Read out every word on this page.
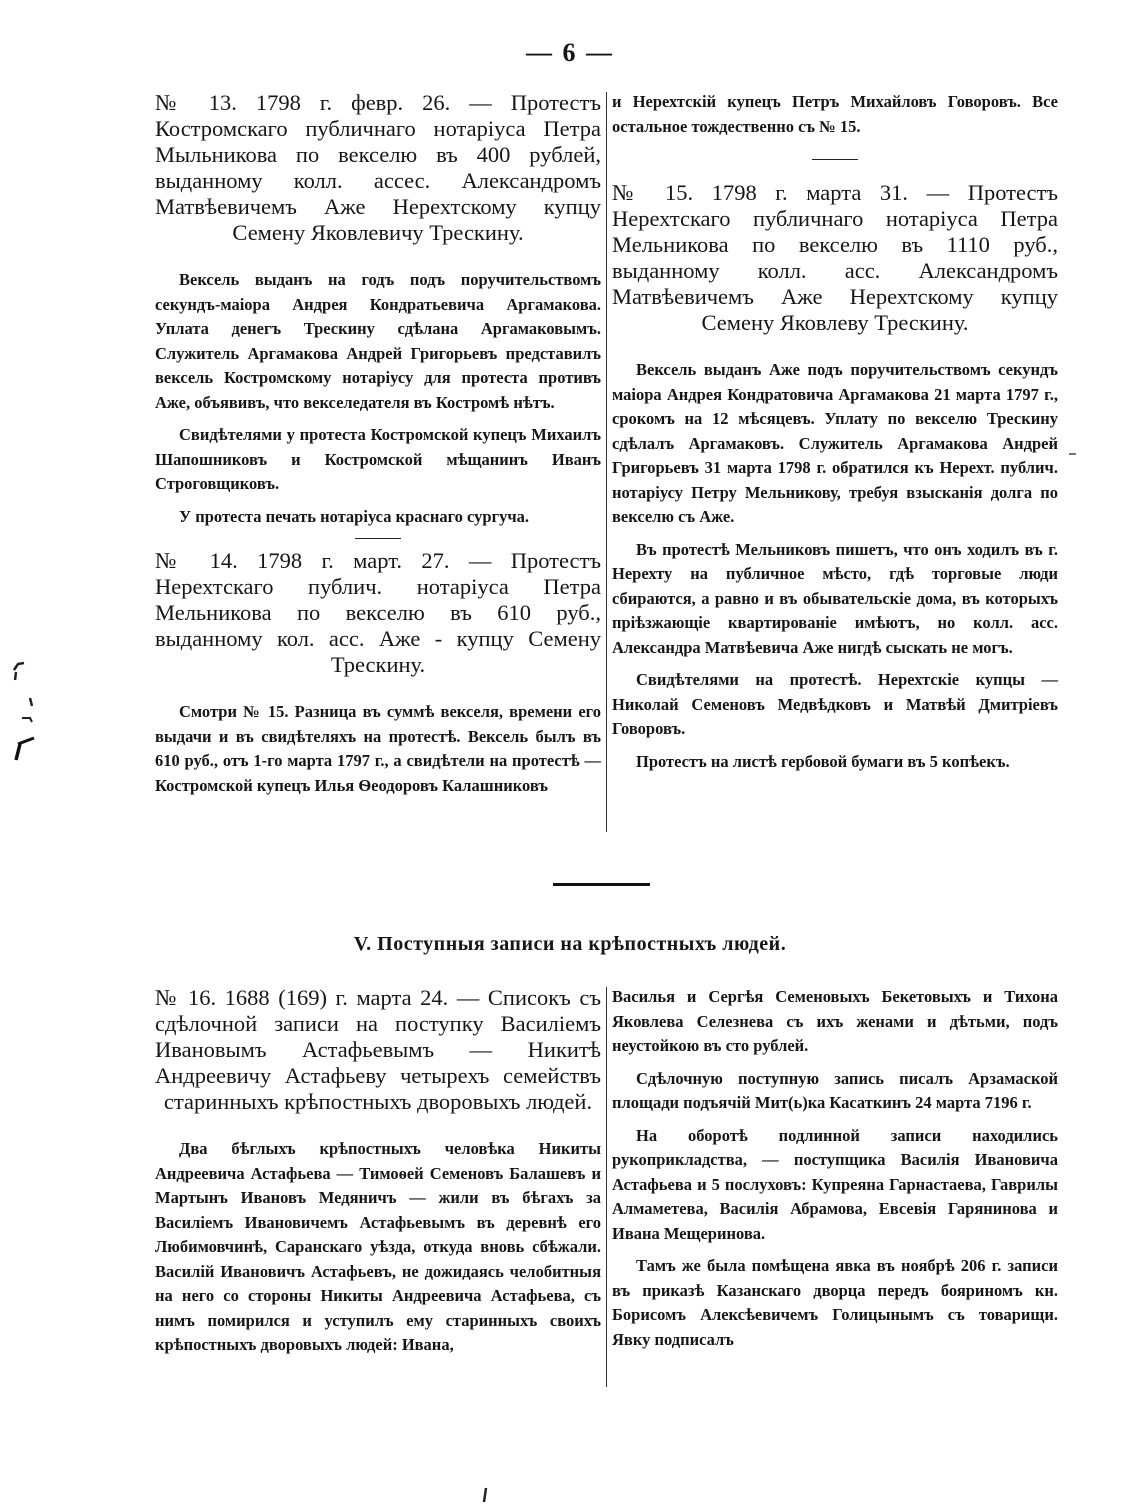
— 6 —

№ 13. 1798 г. февр. 26. — Протестъ Костромскаго публичнаго нотаріуса Петра Мыльникова по векселю въ 400 рублей, выданному колл. ассес. Александромъ Матвѣевичемъ Аже Нерехтскому купцу Семену Яковлевичу Трескину.

Вексель выданъ на годъ подъ поручительствомъ секундъ-маіора Андрея Кондратьевича Аргамакова. Уплата денегъ Трескину сдѣлана Аргамаковымъ. Служитель Аргамакова Андрей Григорьевъ представилъ вексель Костромскому нотаріусу для протеста противъ Аже, объявивъ, что векселедателя въ Костромѣ нѣтъ.

Свидѣтелями у протеста Костромской купецъ Михаилъ Шапошниковъ и Костромской мѣщанинъ Иванъ Строговщиковъ.

У протеста печать нотаріуса краснаго сургуча.

№ 14. 1798 г. март. 27. — Протестъ Нерехтскаго публич. нотаріуса Петра Мельникова по векселю въ 610 руб., выданному кол. асс. Аже - купцу Семену Трескину.

Смотри № 15. Разница въ суммѣ векселя, времени его выдачи и въ свидѣтеляхъ на протестѣ. Вексель былъ въ 610 руб., отъ 1-го марта 1797 г., а свидѣтели на протестѣ — Костромской купецъ Илья Ѳеодоровъ Калашниковъ

и Нерехтскій купецъ Петръ Михайловъ Говоровъ. Все остальное тождественно съ № 15.

№ 15. 1798 г. марта 31. — Протестъ Нерехтскаго публичнаго нотаріуса Петра Мельникова по векселю въ 1110 руб., выданному колл. асс. Александромъ Матвѣевичемъ Аже Нерехтскому купцу Семену Яковлеву Трескину.

Вексель выданъ Аже подъ поручительствомъ секундъ маіора Андрея Кондратовича Аргамакова 21 марта 1797 г., срокомъ на 12 мѣсяцевъ. Уплату по векселю Трескину сдѣлалъ Аргамаковъ. Служитель Аргамакова Андрей Григорьевъ 31 марта 1798 г. обратился къ Нерехт. публич. нотаріусу Петру Мельникову, требуя взысканія долга по векселю съ Аже.

Въ протестѣ Мельниковъ пишетъ, что онъ ходилъ въ г. Нерехту на публичное мѣсто, гдѣ торговые люди сбираются, а равно и въ обывательскіе дома, въ которыхъ пріѣзжающіе квартированіе имѣютъ, но колл. асс. Александра Матвѣевича Аже нигдѣ сыскать не могъ.

Свидѣтелями на протестѣ. Нерехтскіе купцы — Николай Семеновъ Медвѣдковъ и Матвѣй Дмитріевъ Говоровъ.

Протестъ на листѣ гербовой бумаги въ 5 копѣекъ.

V. Поступныя записи на крѣпостныхъ людей.

№ 16. 1688 (169) г. марта 24. — Списокъ съ сдѣлочной записи на поступку Василіемъ Ивановымъ Астафьевымъ — Никитѣ Андреевичу Астафьеву четырехъ семействъ старинныхъ крѣпостныхъ дворовыхъ людей.

Два бѣглыхъ крѣпостныхъ человѣка Никиты Андреевича Астафьева — Тимоѳей Семеновъ Балашевъ и Мартынъ Ивановъ Медяничъ — жили въ бѣгахъ за Василіемъ Ивановичемъ Астафьевымъ въ деревнѣ его Любимовчинѣ, Саранскаго уѣзда, откуда вновь сбѣжали. Василій Ивановичъ Астафьевъ, не дожидаясь челобитныя на него со стороны Никиты Андреевича Астафьева, съ нимъ помирился и уступилъ ему старинныхъ своихъ крѣпостныхъ дворовыхъ людей: Ивана,

Василья и Сергѣя Семеновыхъ Бекетовыхъ и Тихона Яковлева Селезнева съ ихъ женами и дѣтьми, подъ неустойкою въ сто рублей.

Сдѣлочную поступную запись писалъ Арзамаской площади подъячій Мит(ь)ка Касаткинъ 24 марта 7196 г.

На оборотѣ подлинной записи находились рукоприкладства, — поступщика Василія Ивановича Астафьева и 5 послуховъ: Купреяна Гарнастаева, Гаврилы Алмаметева, Василія Абрамова, Евсевія Гарянинова и Ивана Мещеринова.

Тамъ же была помѣщена явка въ ноябрѣ 206 г. записи въ приказѣ Казанскаго дворца передъ бояриномъ кн. Борисомъ Алексѣевичемъ Голицынымъ съ товарищи. Явку подписалъ
